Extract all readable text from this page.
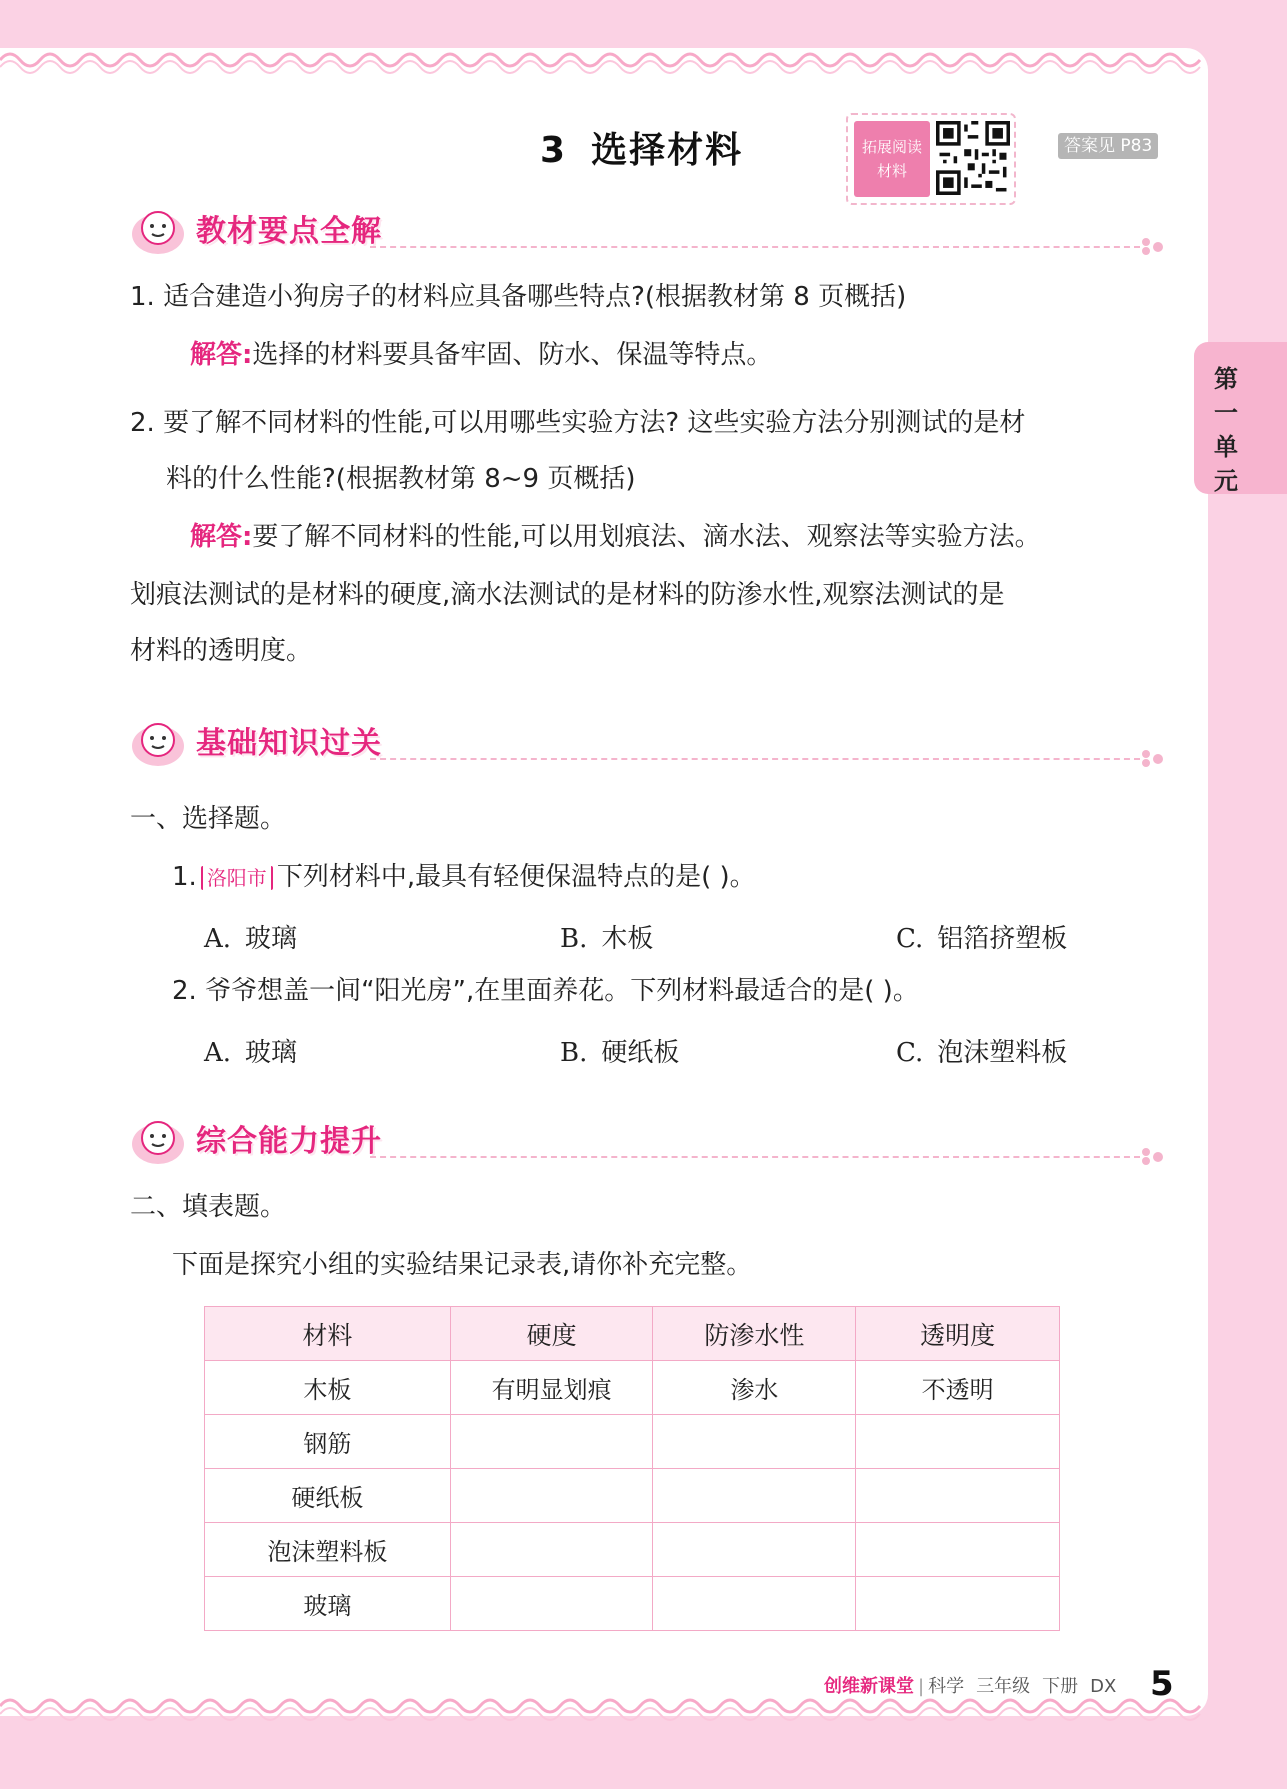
3 选择材料	拓展阅读
材料
答案见 P83
第
一
单
元
教材要点全解
1. 适合建造小狗房子的材料应具备哪些特点?(根据教材第 8 页概括)
解答:选择的材料要具备牢固、防水、保温等特点。
2. 要了解不同材料的性能,可以用哪些实验方法? 这些实验方法分别测试的是材
料的什么性能?(根据教材第 8~9 页概括)
解答:要了解不同材料的性能,可以用划痕法、滴水法、观察法等实验方法。
划痕法测试的是材料的硬度,滴水法测试的是材料的防渗水性,观察法测试的是
材料的透明度。
基础知识过关
一、选择题。
1. 洛阳市 下列材料中,最具有轻便保温特点的是( )。
A. 玻璃	B. 木板	C. 铝箔挤塑板
2. 爷爷想盖一间“阳光房”,在里面养花。下列材料最适合的是( )。
A. 玻璃	B. 硬纸板	C. 泡沫塑料板
综合能力提升
二、填表题。
下面是探究小组的实验结果记录表,请你补充完整。
材料	硬度	防渗水性	透明度
木板	有明显划痕	渗水	不透明
钢筋			
硬纸板			
泡沫塑料板			
玻璃			
创维新课堂 | 科学 三年级 下册 DX 5
